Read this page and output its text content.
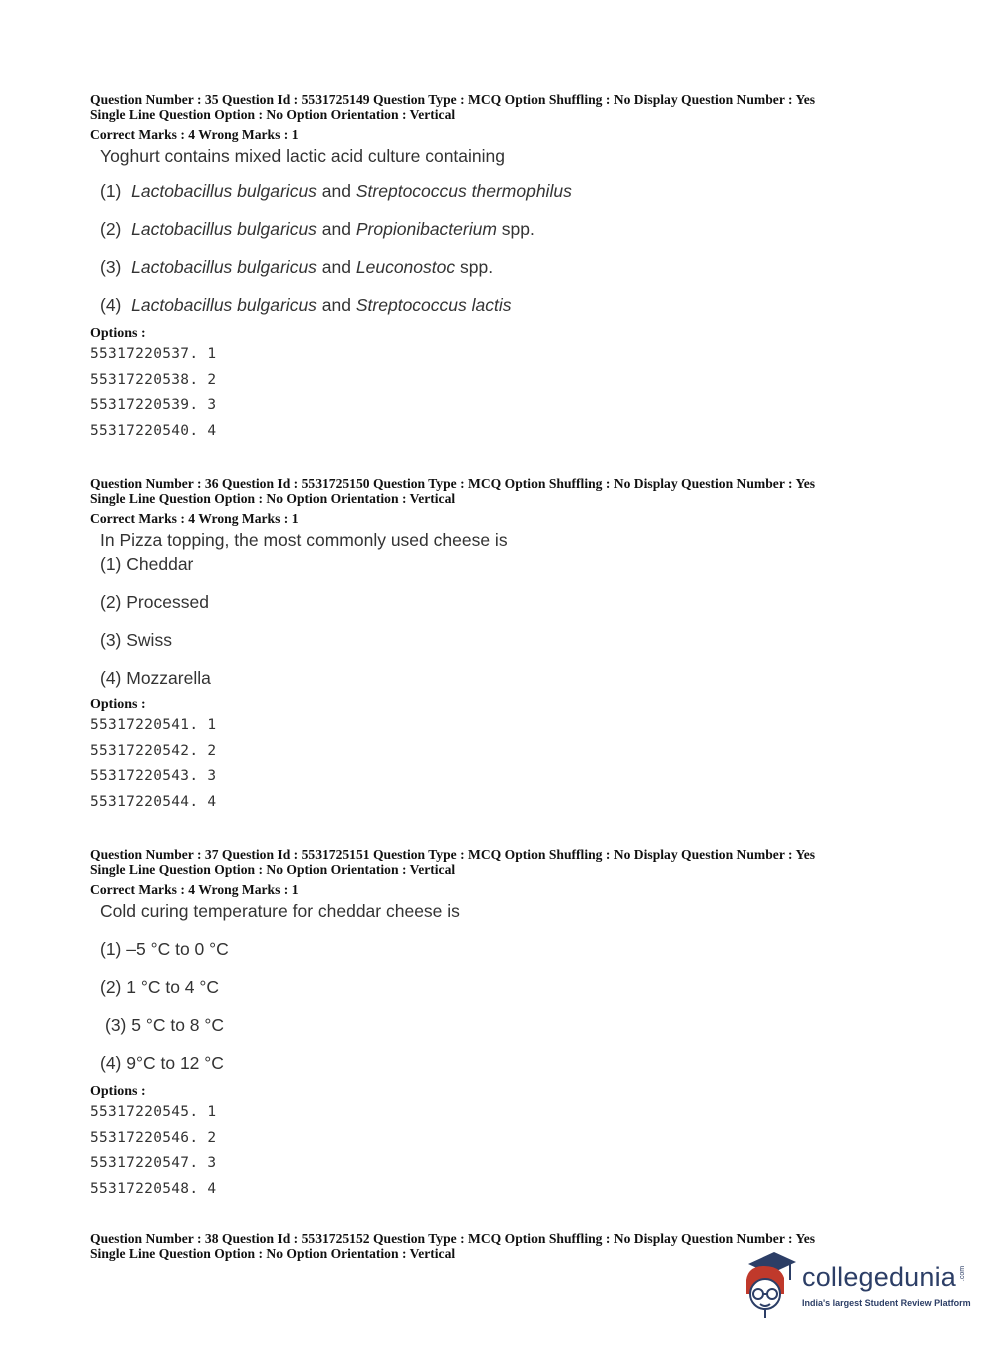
Question Number : 35 Question Id : 5531725149 Question Type : MCQ Option Shuffling : No Display Question Number : Yes
Single Line Question Option : No Option Orientation : Vertical
Correct Marks : 4 Wrong Marks : 1
Yoghurt contains mixed lactic acid culture containing
(1) Lactobacillus bulgaricus and Streptococcus thermophilus
(2) Lactobacillus bulgaricus and Propionibacterium spp.
(3) Lactobacillus bulgaricus and Leuconostoc spp.
(4) Lactobacillus bulgaricus and Streptococcus lactis
Options :
55317220537. 1
55317220538. 2
55317220539. 3
55317220540. 4
Question Number : 36 Question Id : 5531725150 Question Type : MCQ Option Shuffling : No Display Question Number : Yes
Single Line Question Option : No Option Orientation : Vertical
Correct Marks : 4 Wrong Marks : 1
In Pizza topping, the most commonly used cheese is
(1) Cheddar
(2) Processed
(3) Swiss
(4) Mozzarella
Options :
55317220541. 1
55317220542. 2
55317220543. 3
55317220544. 4
Question Number : 37 Question Id : 5531725151 Question Type : MCQ Option Shuffling : No Display Question Number : Yes
Single Line Question Option : No Option Orientation : Vertical
Correct Marks : 4 Wrong Marks : 1
Cold curing temperature for cheddar cheese is
(1) –5 °C to 0 °C
(2) 1 °C to 4 °C
(3) 5 °C to 8 °C
(4) 9°C to 12 °C
Options :
55317220545. 1
55317220546. 2
55317220547. 3
55317220548. 4
Question Number : 38 Question Id : 5531725152 Question Type : MCQ Option Shuffling : No Display Question Number : Yes
Single Line Question Option : No Option Orientation : Vertical
collegedunia .com
India's largest Student Review Platform
